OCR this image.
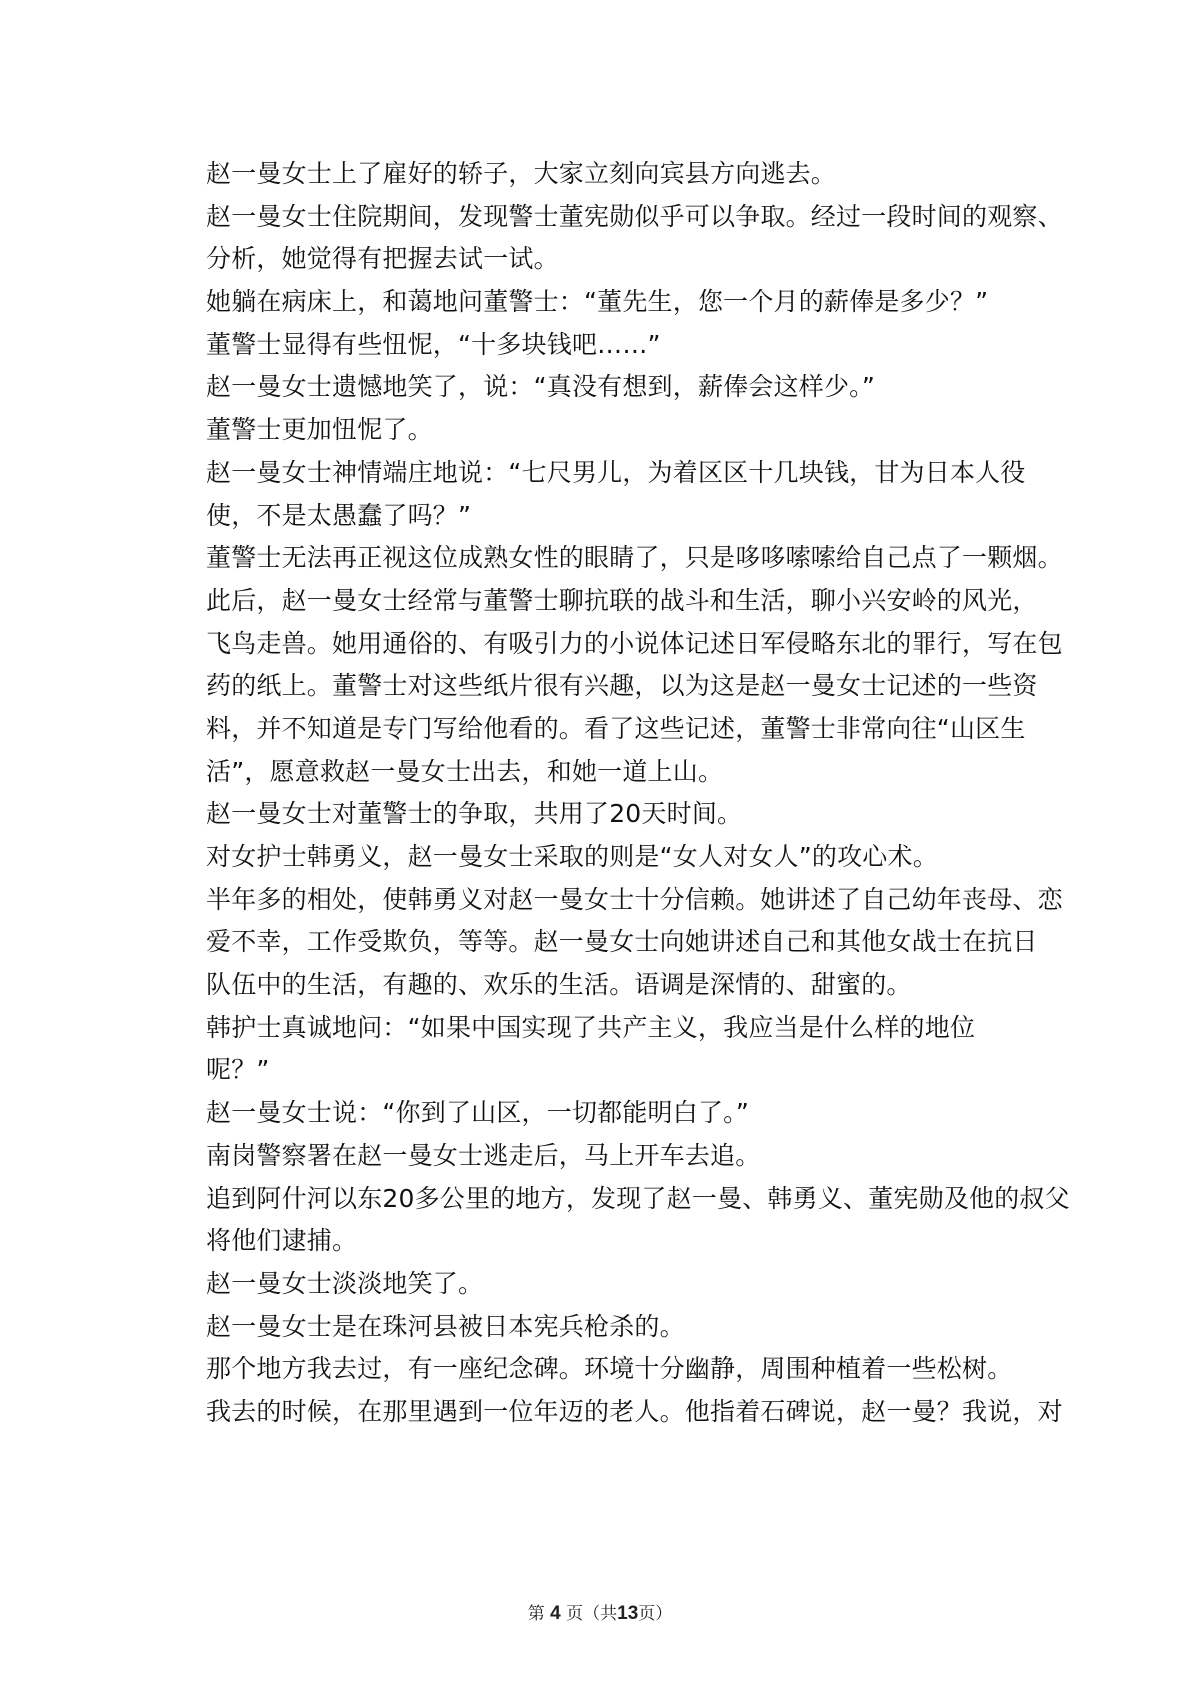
赵一曼女士上了雇好的轿子，大家立刻向宾县方向逃去。
赵一曼女士住院期间，发现警士董宪勋似乎可以争取。经过一段时间的观察、
分析，她觉得有把握去试一试。
她躺在病床上，和蔼地问董警士：“董先生，您一个月的薪俸是多少？”
董警士显得有些忸怩，“十多块钱吧……”
赵一曼女士遗憾地笑了，说：“真没有想到，薪俸会这样少。”
董警士更加忸怩了。
赵一曼女士神情端庄地说：“七尺男儿，为着区区十几块钱，甘为日本人役
使，不是太愚蠢了吗？”
董警士无法再正视这位成熟女性的眼睛了，只是哆哆嗦嗦给自己点了一颗烟。
此后，赵一曼女士经常与董警士聊抗联的战斗和生活，聊小兴安岭的风光，
飞鸟走兽。她用通俗的、有吸引力的小说体记述日军侵略东北的罪行，写在包
药的纸上。董警士对这些纸片很有兴趣，以为这是赵一曼女士记述的一些资
料，并不知道是专门写给他看的。看了这些记述，董警士非常向往“山区生
活”，愿意救赵一曼女士出去，和她一道上山。
赵一曼女士对董警士的争取，共用了20天时间。
对女护士韩勇义，赵一曼女士采取的则是“女人对女人”的攻心术。
半年多的相处，使韩勇义对赵一曼女士十分信赖。她讲述了自己幼年丧母、恋
爱不幸，工作受欺负，等等。赵一曼女士向她讲述自己和其他女战士在抗日
队伍中的生活，有趣的、欢乐的生活。语调是深情的、甜蜜的。
韩护士真诚地问：“如果中国实现了共产主义，我应当是什么样的地位
呢？”
赵一曼女士说：“你到了山区，一切都能明白了。”
南岗警察署在赵一曼女士逃走后，马上开车去追。
追到阿什河以东20多公里的地方，发现了赵一曼、韩勇义、董宪勋及他的叔父
将他们逮捕。
赵一曼女士淡淡地笑了。
赵一曼女士是在珠河县被日本宪兵枪杀的。
那个地方我去过，有一座纪念碑。环境十分幽静，周围种植着一些松树。
我去的时候，在那里遇到一位年迈的老人。他指着石碑说，赵一曼？我说，对
第 4 页（共13页）
